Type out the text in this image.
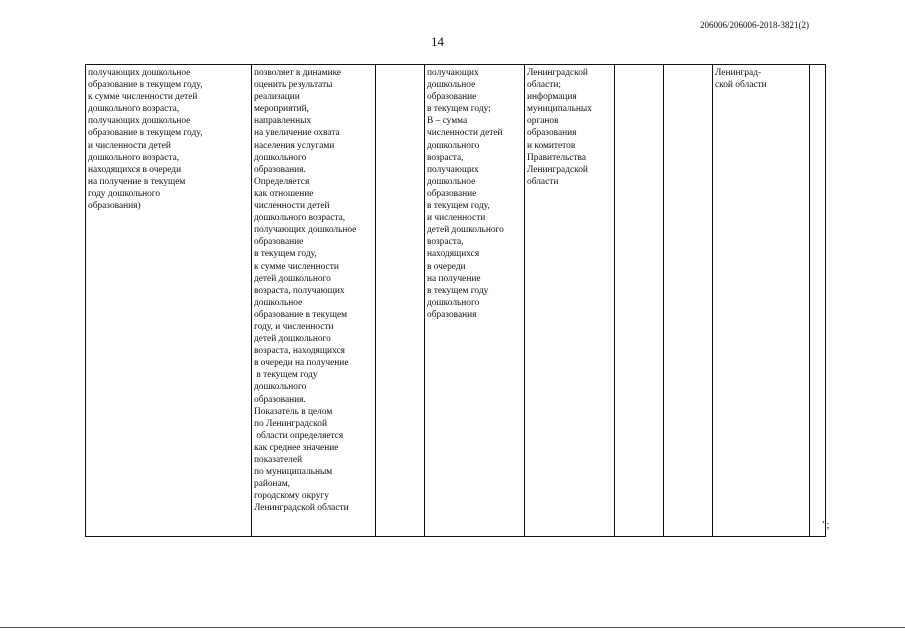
206006/206006-2018-3821(2)
14
получающих дошкольное
образование в текущем году,
к сумме численности детей
дошкольного возраста,
получающих дошкольное
образование в текущем году,
и численности детей
дошкольного возраста,
находящихся в очереди
на получение в текущем
году дошкольного
образования)
позволяет в динамике
оценить результаты
реализации
мероприятий,
направленных
на увеличение охвата
населения услугами
дошкольного
образования.
Определяется
как отношение
численности детей
дошкольного возраста,
получающих дошкольное
образование
в текущем году,
к сумме численности
детей дошкольного
возраста, получающих
дошкольное
образование в текущем
году, и численности
детей дошкольного
возраста, находящихся
в очереди на получение
в текущем году
дошкольного
образования.
Показатель в целом
по Ленинградской
области определяется
как среднее значение
показателей
по муниципальным
районам,
городскому округу
Ленинградской области
получающих
дошкольное
образование
в текущем году;
В – сумма
численности детей
дошкольного
возраста,
получающих
дошкольное
образование
в текущем году,
и численности
детей дошкольного
возраста,
находящихся
в очереди
на получение
в текущем году
дошкольного
образования
Ленинградской
области;
информация
муниципальных
органов
образования
и комитетов
Правительства
Ленинградской
области
Ленинград-
ской области
";
